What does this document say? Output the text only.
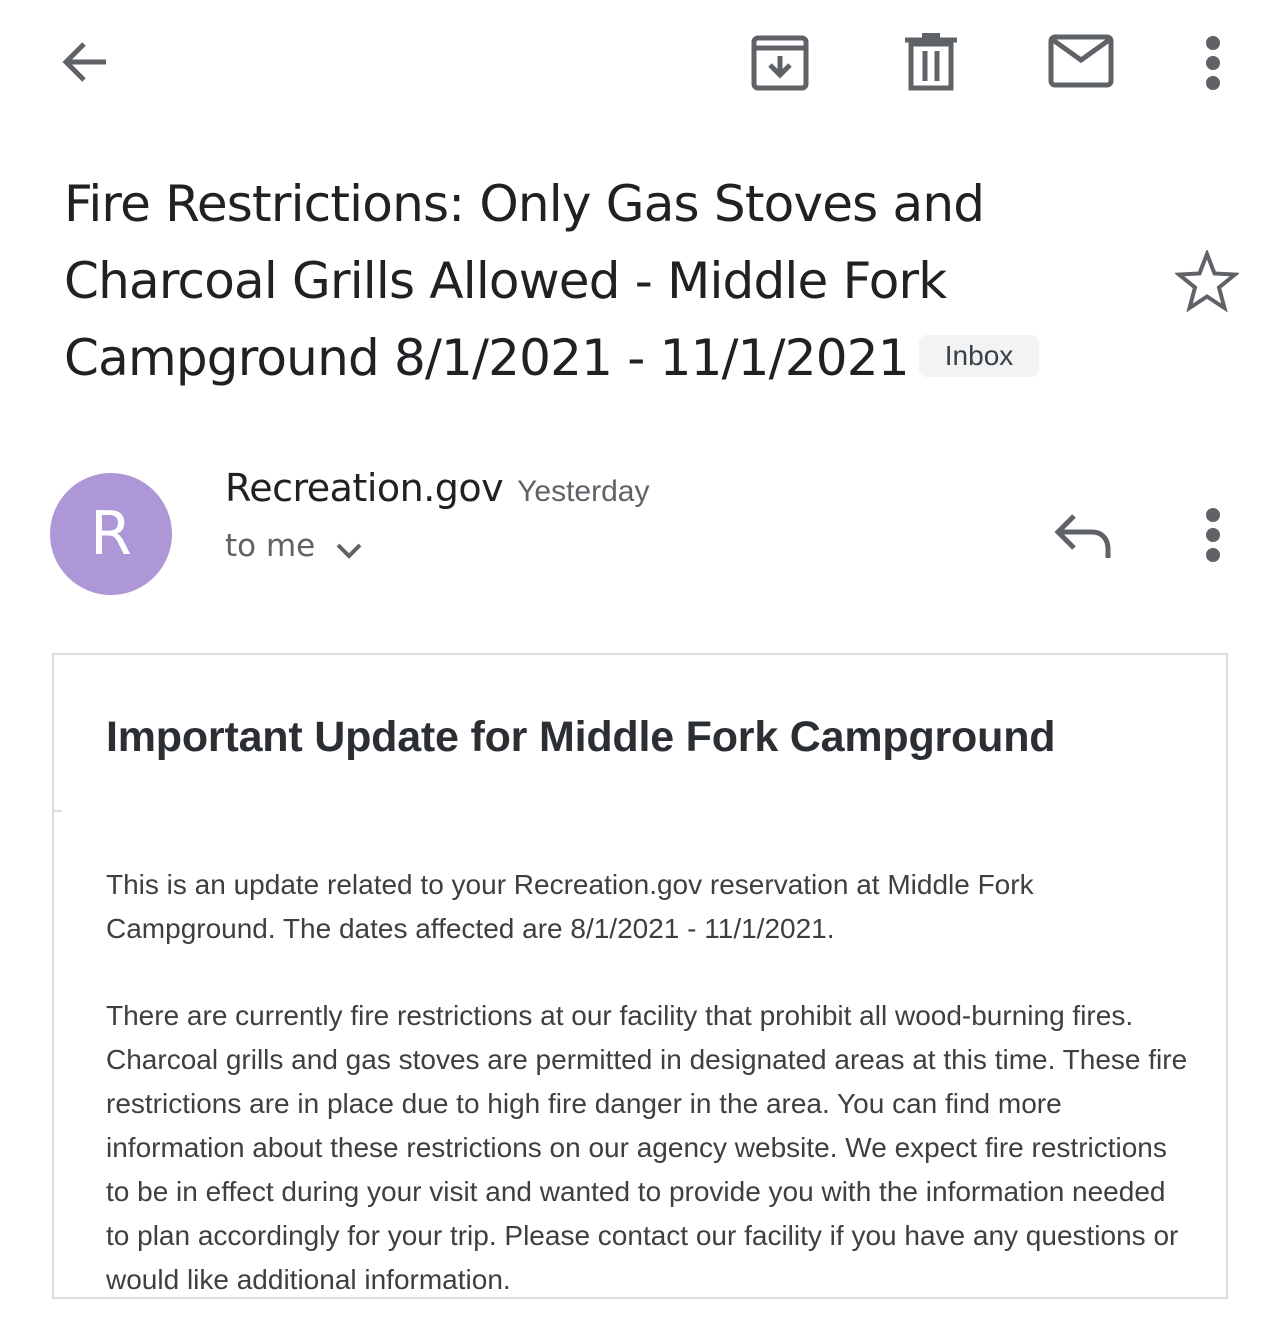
Fire Restrictions: Only Gas Stoves and Charcoal Grills Allowed - Middle Fork Campground 8/1/2021 - 11/1/2021 Inbox
R
Recreation.gov Yesterday
to me
Important Update for Middle Fork Campground

This is an update related to your Recreation.gov reservation at Middle Fork Campground. The dates affected are 8/1/2021 - 11/1/2021.

There are currently fire restrictions at our facility that prohibit all wood-burning fires. Charcoal grills and gas stoves are permitted in designated areas at this time. These fire restrictions are in place due to high fire danger in the area. You can find more information about these restrictions on our agency website. We expect fire restrictions to be in effect during your visit and wanted to provide you with the information needed to plan accordingly for your trip. Please contact our facility if you have any questions or would like additional information.
